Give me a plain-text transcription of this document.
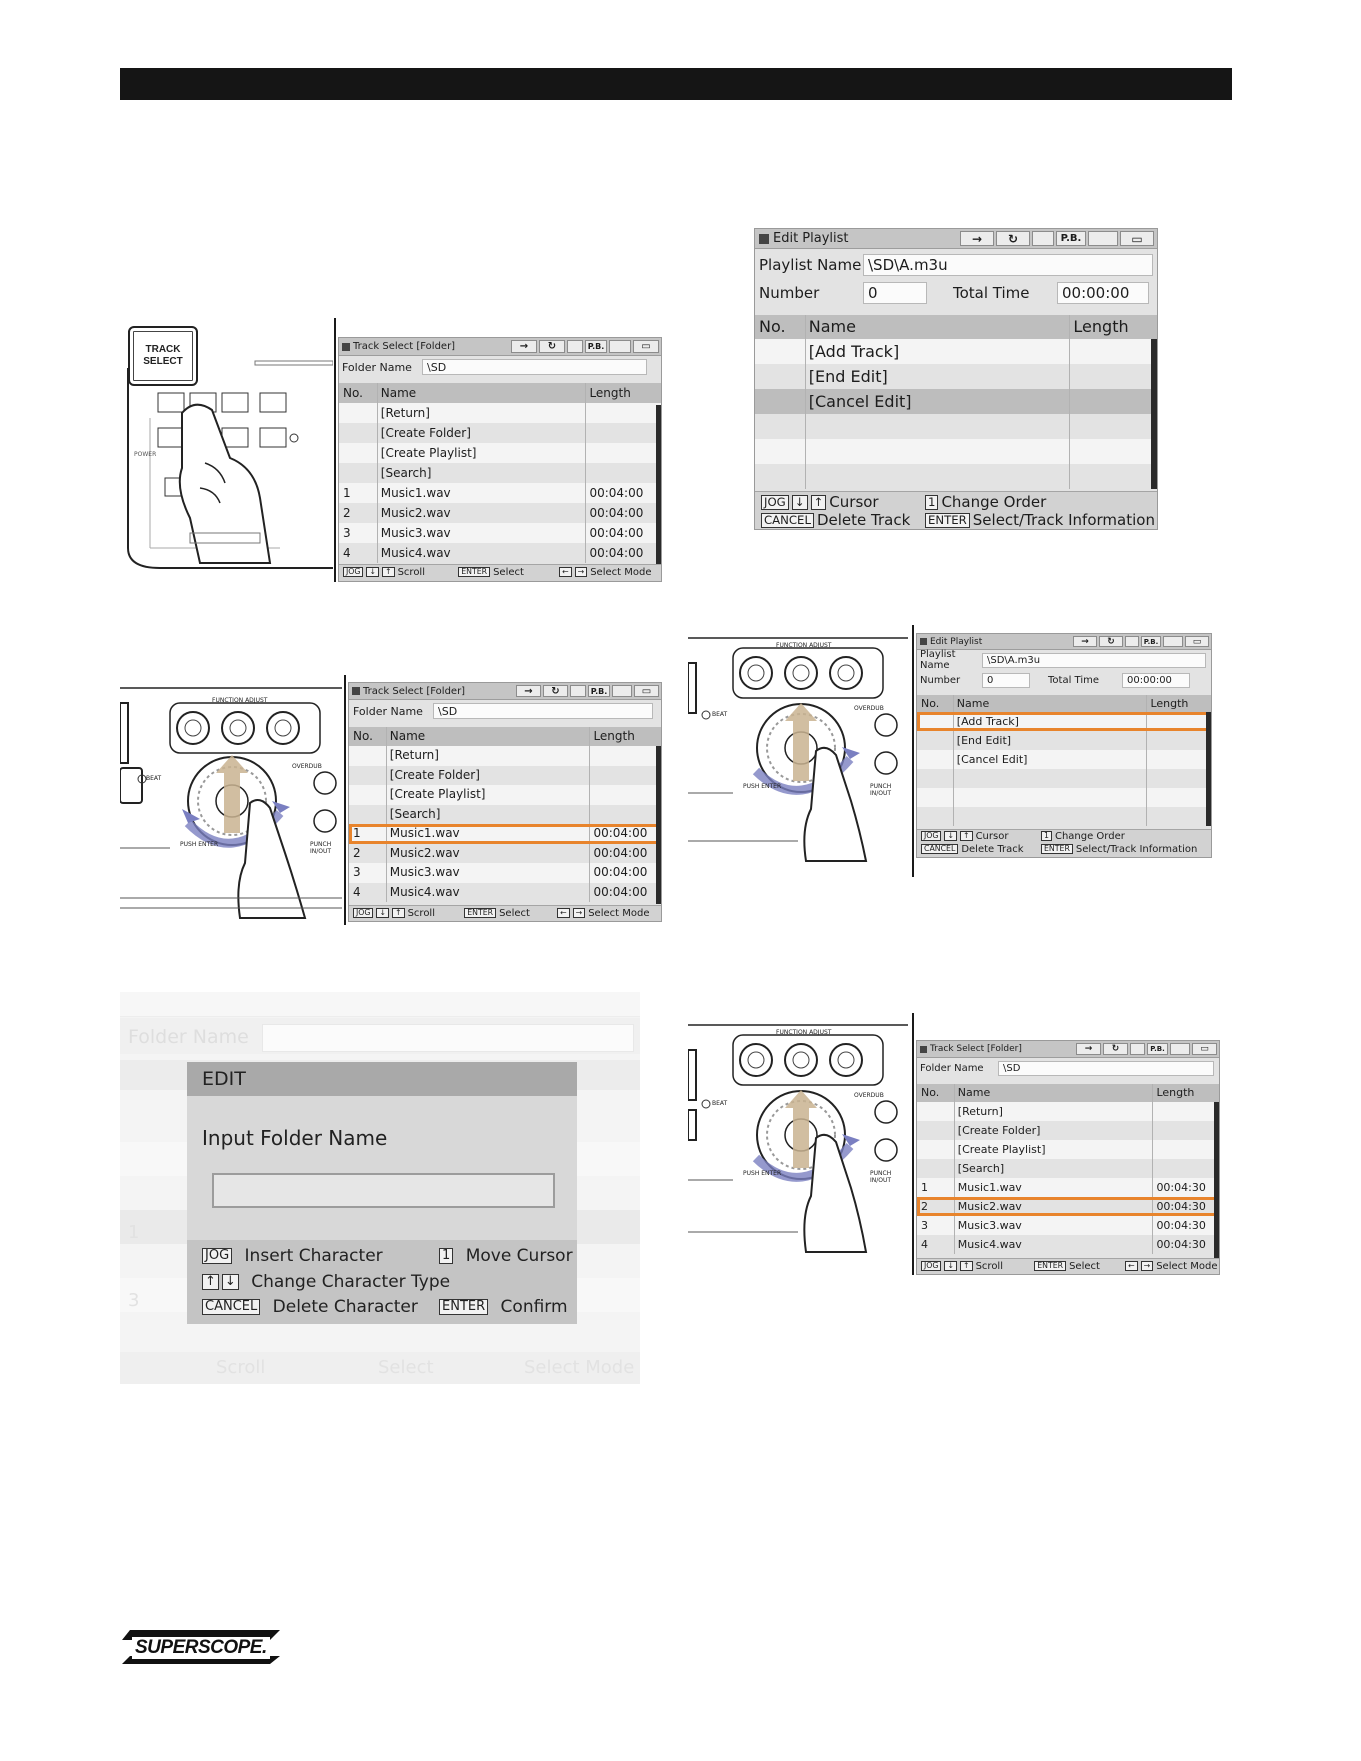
TRACK SELECT
POWER
Track Select [Folder]	→	↻	P.B.	▭
Folder Name	\SD
No.	Name	Length
[Return]
[Create Folder]
[Create Playlist]
[Search]
1	Music1.wav	00:04:00
2	Music2.wav	00:04:00
3	Music3.wav	00:04:00
4	Music4.wav	00:04:00
JOG ↓ ↑ Scroll	ENTER Select	← → Select Mode
FUNCTION ADJUST
BEAT
OVERDUB
PUSH ENTER	PUNCH IN/OUT
Track Select [Folder]	→	↻	P.B.	▭
Folder Name	\SD
No.	Name	Length
[Return]
[Create Folder]
[Create Playlist]
[Search]
1	Music1.wav	00:04:00
2	Music2.wav	00:04:00
3	Music3.wav	00:04:00
4	Music4.wav	00:04:00
JOG ↓ ↑ Scroll	ENTER Select	← → Select Mode
Folder Name
1
3
Scroll	Select	Select Mode
EDIT
Input Folder Name
JOG Insert Character	1 Move Cursor
↑ ↓ Change Character Type
CANCEL Delete Character ENTER Confirm
Edit Playlist	→	↻	P.B.	▭
Playlist Name \SD\A.m3u
Number	0	Total Time	00:00:00
No.	Name	Length
[Add Track]
[End Edit]
[Cancel Edit]
JOG ↓ ↑ Cursor	1 Change Order
CANCEL Delete Track ENTER Select/Track Information
FUNCTION ADJUST
BEAT
OVERDUB
PUSH ENTER	PUNCH IN/OUT
Edit Playlist	→	↻	P.B.	▭
Playlist Name	\SD\A.m3u
Number	0	Total Time	00:00:00
No.	Name	Length
[Add Track]
[End Edit]
[Cancel Edit]
JOG ↓ ↑ Cursor	1 Change Order
CANCEL Delete Track	ENTER Select/Track Information
FUNCTION ADJUST
BEAT
OVERDUB
PUSH ENTER	PUNCH IN/OUT
Track Select [Folder]	→	↻	P.B.	▭
Folder Name	\SD
No.	Name	Length
[Return]
[Create Folder]
[Create Playlist]
[Search]
1	Music1.wav	00:04:30
2	Music2.wav	00:04:30
3	Music3.wav	00:04:30
4	Music4.wav	00:04:30
JOG ↓ ↑ Scroll	ENTER Select	← → Select Mode
SUPERSCOPE.
